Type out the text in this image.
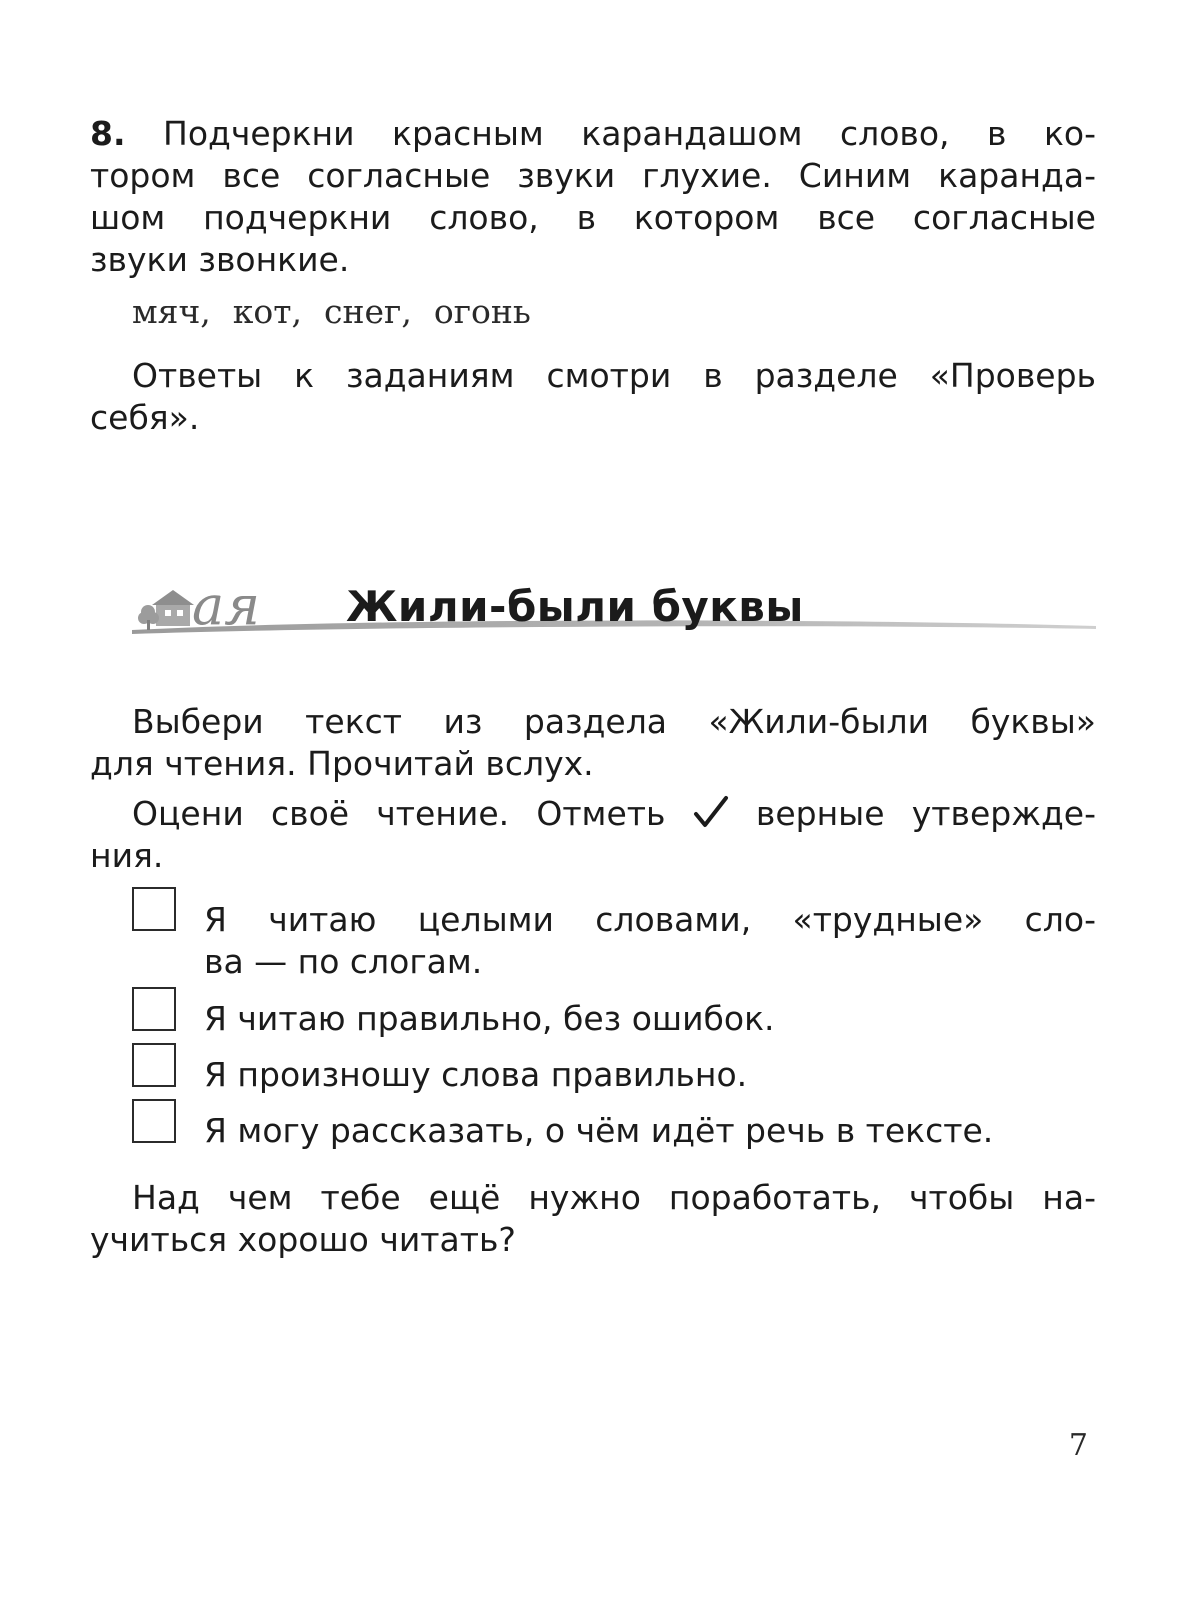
8. Подчеркни красным карандашом слово, в ко-
тором все согласные звуки глухие. Синим каранда-
шом подчеркни слово, в котором все согласные
звуки звонкие.
мяч, кот, снег, огонь
Ответы к заданиям смотри в разделе «Проверь
себя».
Выбери текст из раздела «Жили-были буквы»
для чтения. Прочитай вслух.
Оцени своё чтение. Отметь	верные утвержде-
ния.
Я читаю целыми словами, «трудные» сло-
ва — по слогам.
Я читаю правильно, без ошибок.
Я произношу слова правильно.
Я могу рассказать, о чём идёт речь в тексте.
Над чем тебе ещё нужно поработать, чтобы на-
учиться хорошо читать?
ая Жили-были буквы
7
